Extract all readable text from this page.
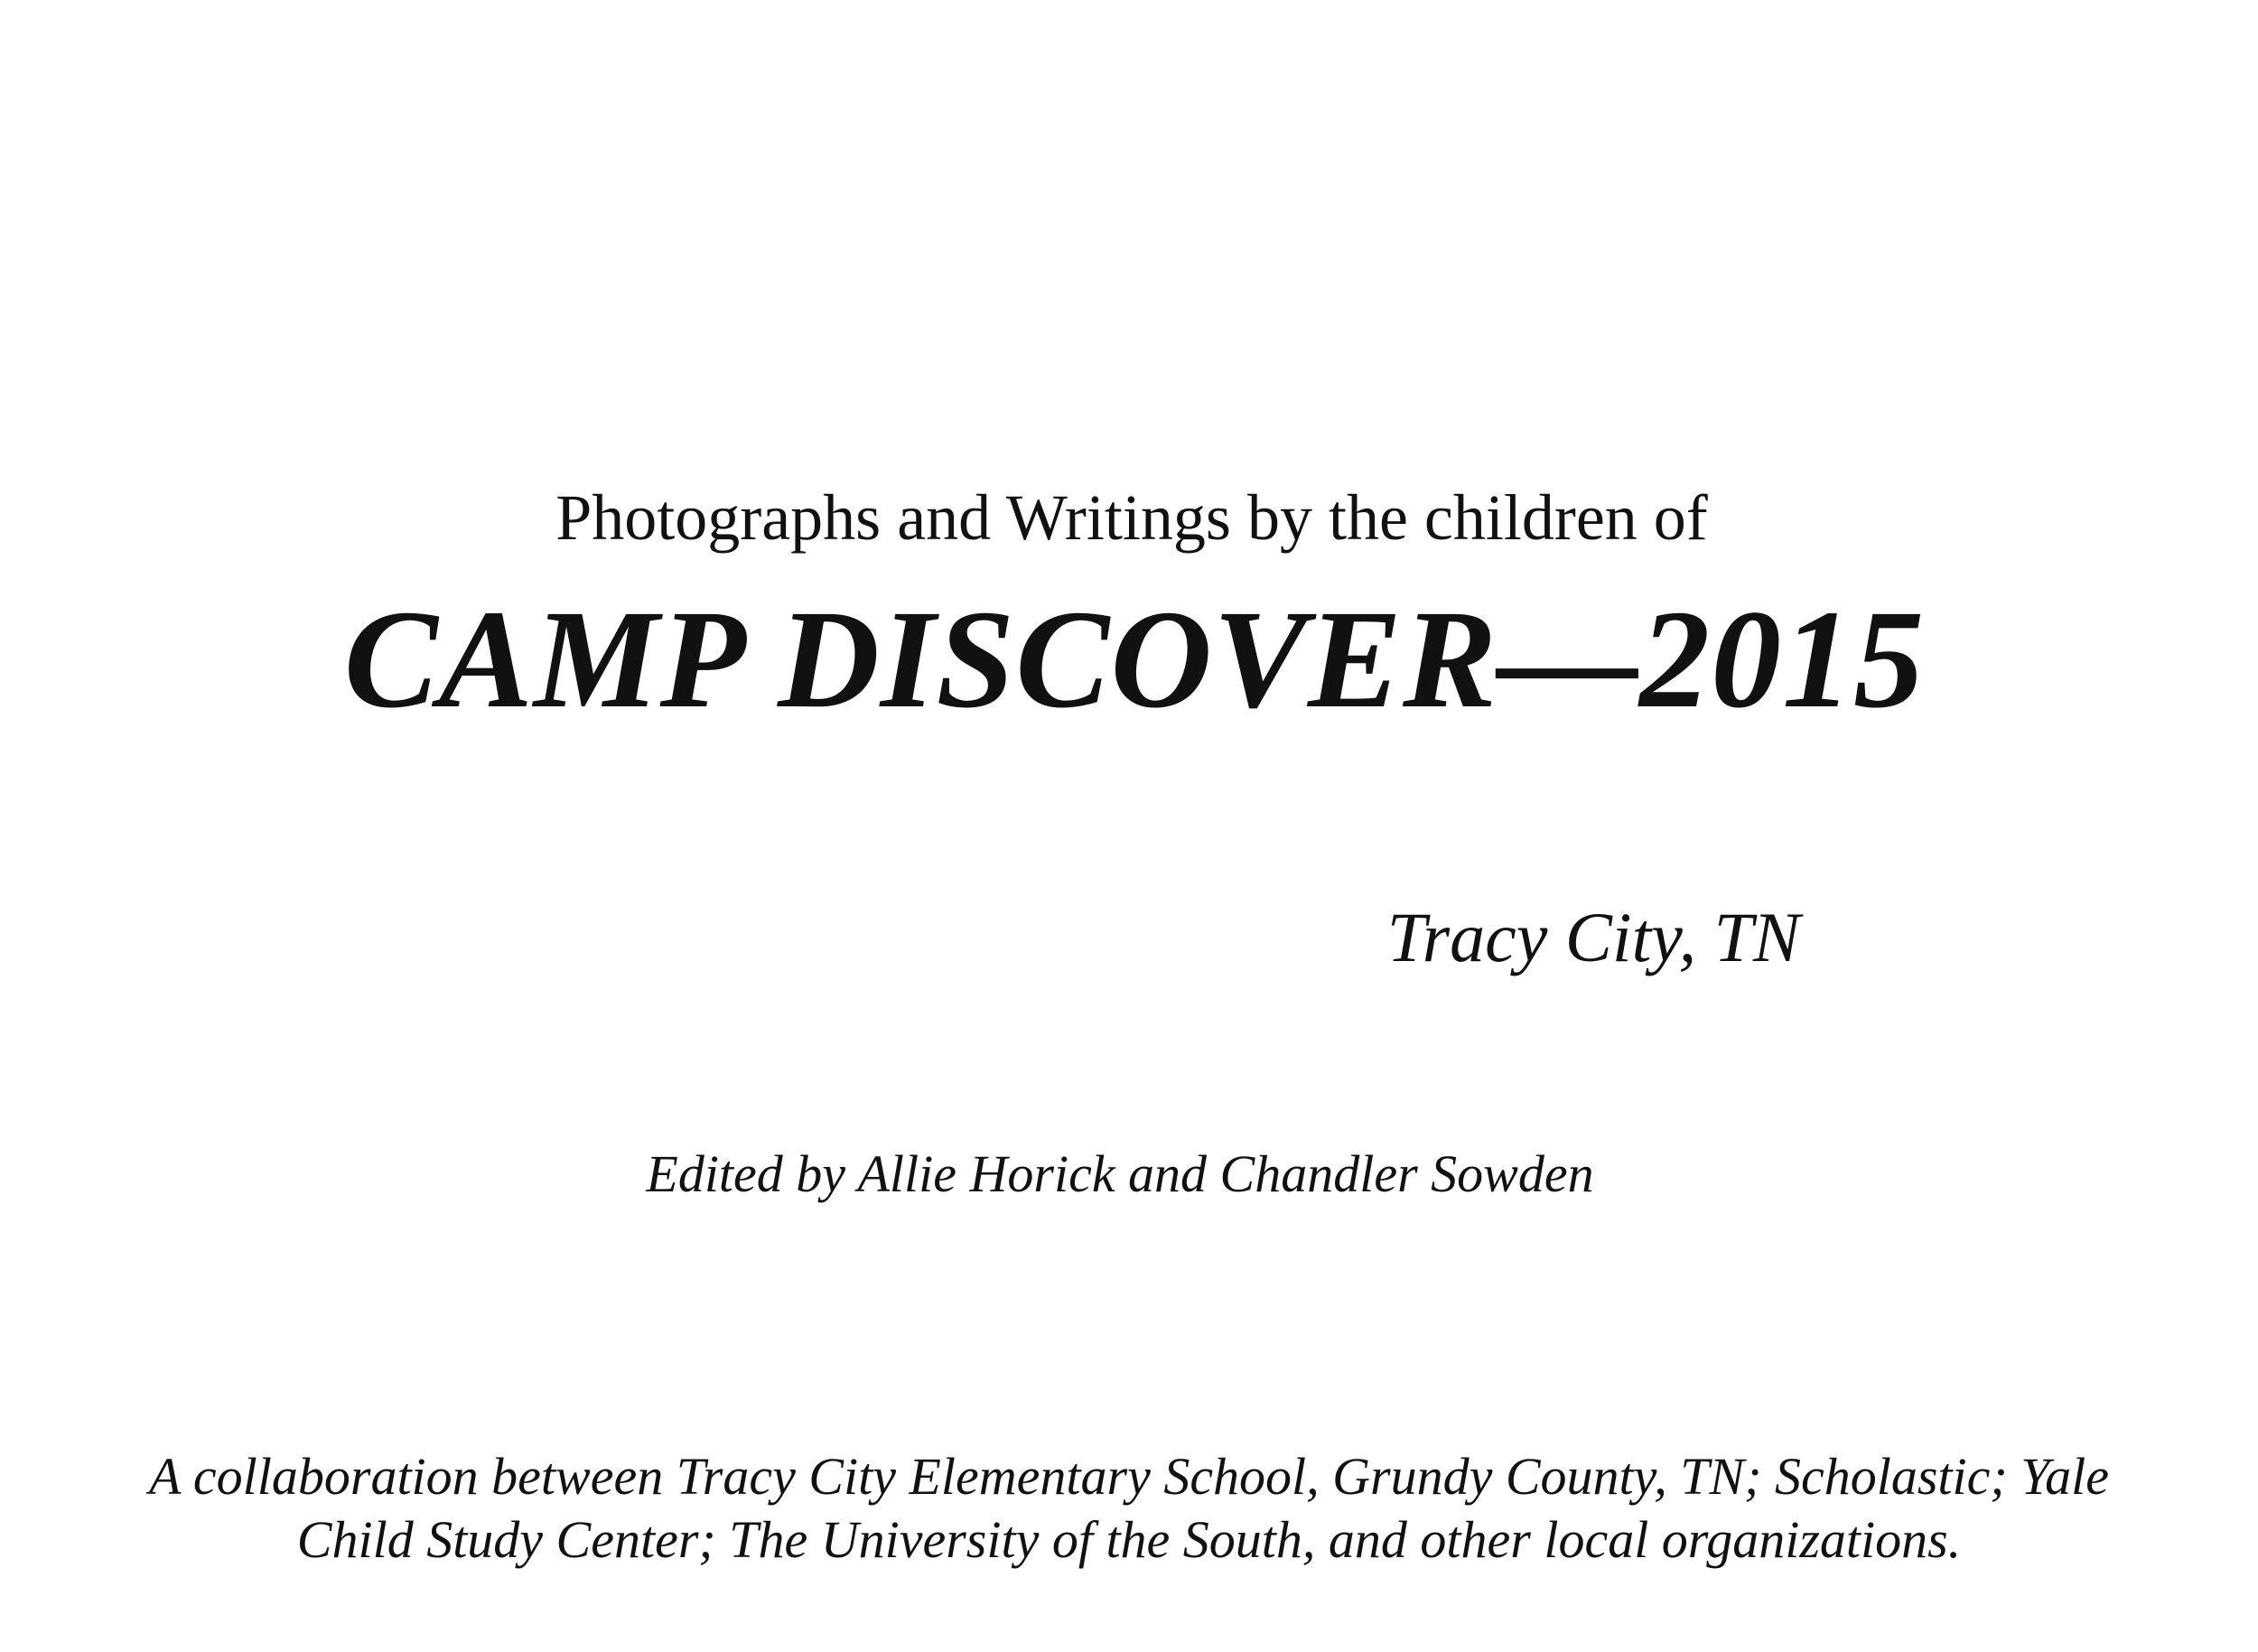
Photographs and Writings by the children of

CAMP DISCOVER—2015

Tracy City, TN

Edited by Allie Horick and Chandler Sowden

A collaboration between Tracy City Elementary School, Grundy County, TN; Scholastic; Yale
Child Study Center; The University of the South, and other local organizations.
